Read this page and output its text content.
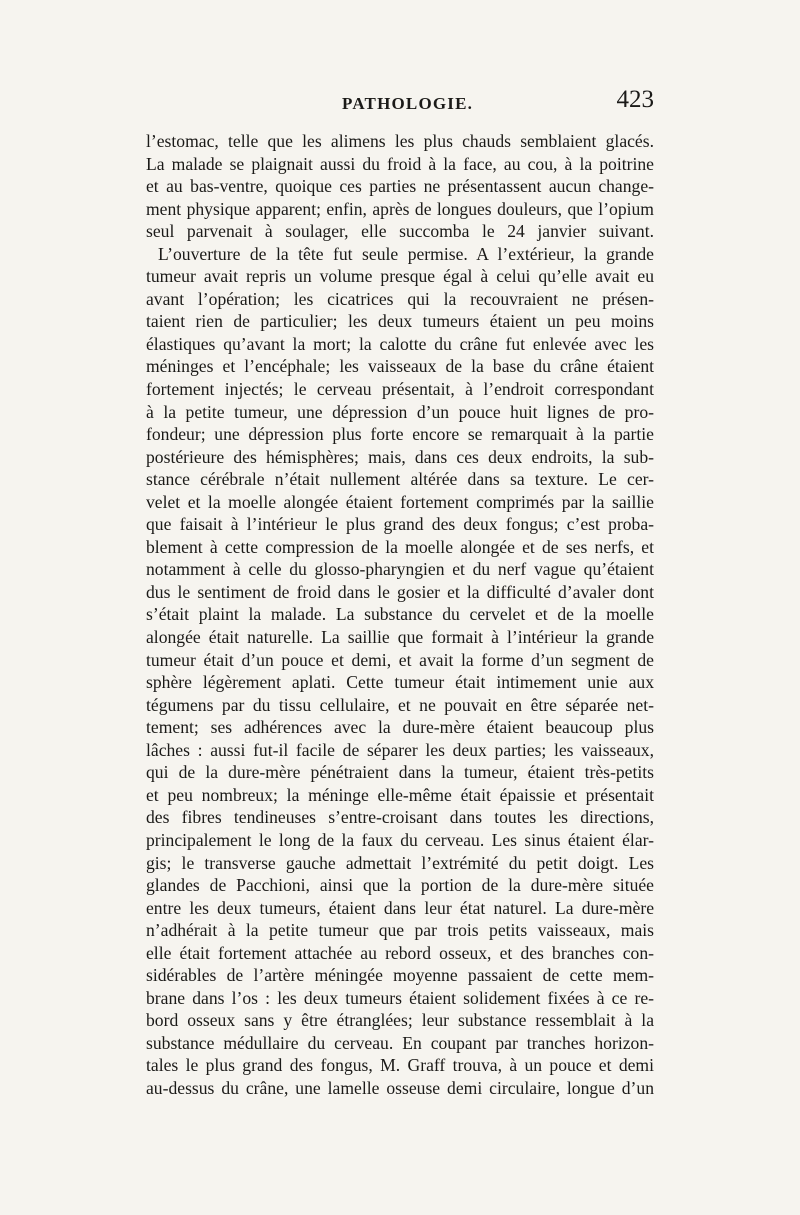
PATHOLOGIE.	423
l’estomac, telle que les alimens les plus chauds semblaient glacés.
La malade se plaignait aussi du froid à la face, au cou, à la poitrine
et au bas-ventre, quoique ces parties ne présentassent aucun change-
ment physique apparent; enfin, après de longues douleurs, que l’opium
seul parvenait à soulager, elle succomba le 24 janvier suivant.
L’ouverture de la tête fut seule permise. A l’extérieur, la grande
tumeur avait repris un volume presque égal à celui qu’elle avait eu
avant l’opération; les cicatrices qui la recouvraient ne présen-
taient rien de particulier; les deux tumeurs étaient un peu moins
élastiques qu’avant la mort; la calotte du crâne fut enlevée avec les
méninges et l’encéphale; les vaisseaux de la base du crâne étaient
fortement injectés; le cerveau présentait, à l’endroit correspondant
à la petite tumeur, une dépression d’un pouce huit lignes de pro-
fondeur; une dépression plus forte encore se remarquait à la partie
postérieure des hémisphères; mais, dans ces deux endroits, la sub-
stance cérébrale n’était nullement altérée dans sa texture. Le cer-
velet et la moelle alongée étaient fortement comprimés par la saillie
que faisait à l’intérieur le plus grand des deux fongus; c’est proba-
blement à cette compression de la moelle alongée et de ses nerfs, et
notamment à celle du glosso-pharyngien et du nerf vague qu’étaient
dus le sentiment de froid dans le gosier et la difficulté d’avaler dont
s’était plaint la malade. La substance du cervelet et de la moelle
alongée était naturelle. La saillie que formait à l’intérieur la grande
tumeur était d’un pouce et demi, et avait la forme d’un segment de
sphère légèrement aplati. Cette tumeur était intimement unie aux
tégumens par du tissu cellulaire, et ne pouvait en être séparée net-
tement; ses adhérences avec la dure-mère étaient beaucoup plus
lâches : aussi fut-il facile de séparer les deux parties; les vaisseaux,
qui de la dure-mère pénétraient dans la tumeur, étaient très-petits
et peu nombreux; la méninge elle-même était épaissie et présentait
des fibres tendineuses s’entre-croisant dans toutes les directions,
principalement le long de la faux du cerveau. Les sinus étaient élar-
gis; le transverse gauche admettait l’extrémité du petit doigt. Les
glandes de Pacchioni, ainsi que la portion de la dure-mère située
entre les deux tumeurs, étaient dans leur état naturel. La dure-mère
n’adhérait à la petite tumeur que par trois petits vaisseaux, mais
elle était fortement attachée au rebord osseux, et des branches con-
sidérables de l’artère méningée moyenne passaient de cette mem-
brane dans l’os : les deux tumeurs étaient solidement fixées à ce re-
bord osseux sans y être étranglées; leur substance ressemblait à la
substance médullaire du cerveau. En coupant par tranches horizon-
tales le plus grand des fongus, M. Graff trouva, à un pouce et demi
au-dessus du crâne, une lamelle osseuse demi circulaire, longue d’un
